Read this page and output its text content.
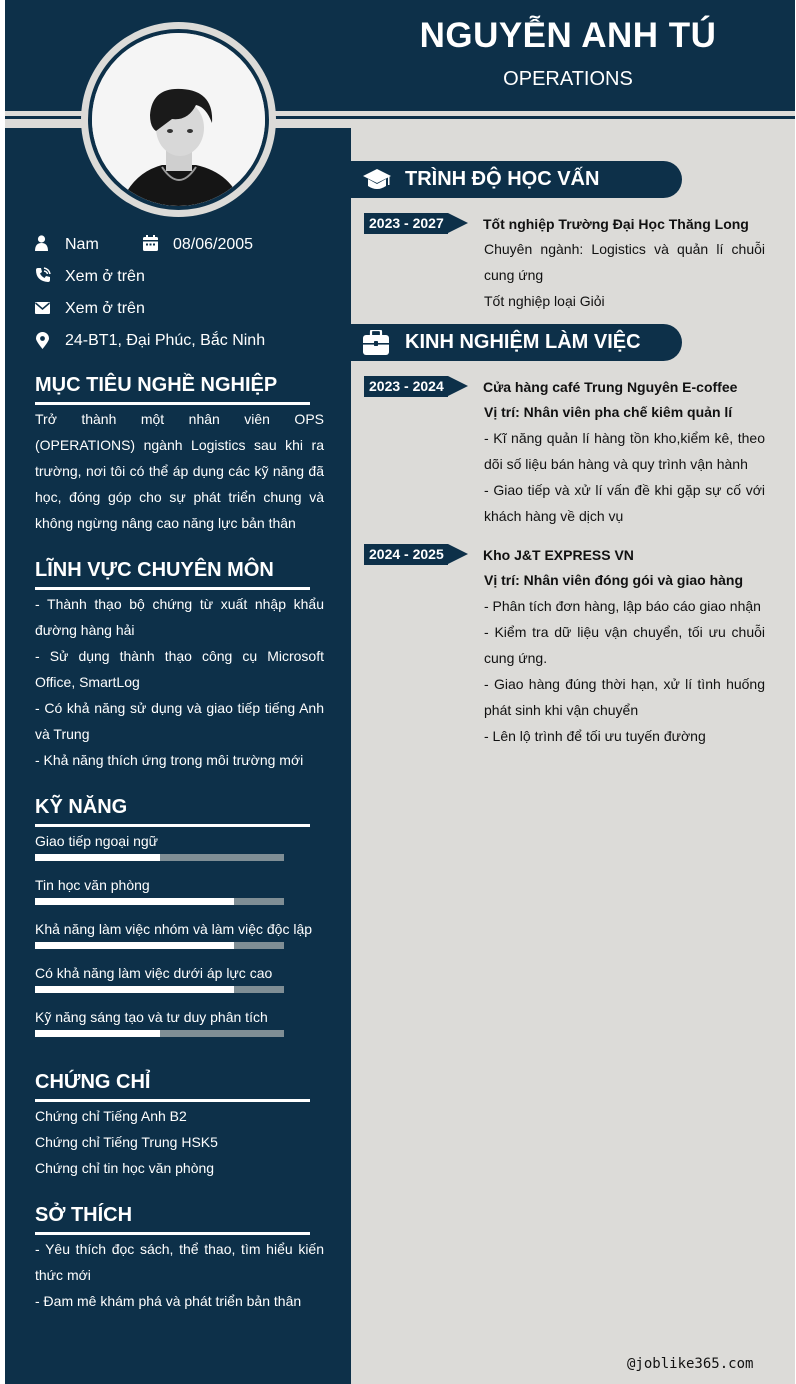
NGUYỄN ANH TÚ
OPERATIONS
Nam	08/06/2005
Xem ở trên
Xem ở trên
24-BT1, Đại Phúc, Bắc Ninh
MỤC TIÊU NGHỀ NGHIỆP

Trở thành một nhân viên OPS (OPERATIONS) ngành Logistics sau khi ra trường, nơi tôi có thể áp dụng các kỹ năng đã học, đóng góp cho sự phát triển chung và không ngừng nâng cao năng lực bản thân

LĨNH VỰC CHUYÊN MÔN

- Thành thạo bộ chứng từ xuất nhập khẩu đường hàng hải

- Sử dụng thành thạo công cụ Microsoft Office, SmartLog

- Có khả năng sử dụng và giao tiếp tiếng Anh và Trung

- Khả năng thích ứng trong môi trường mới

KỸ NĂNG
Giao tiếp ngoại ngữ
Tin học văn phòng
Khả năng làm việc nhóm và làm việc độc lập
Có khả năng làm việc dưới áp lực cao
Kỹ năng sáng tạo và tư duy phân tích
CHỨNG CHỈ
Chứng chỉ Tiếng Anh B2
Chứng chỉ Tiếng Trung HSK5
Chứng chỉ tin học văn phòng
SỞ THÍCH

- Yêu thích đọc sách, thể thao, tìm hiểu kiến thức mới

- Đam mê khám phá và phát triển bản thân

TRÌNH ĐỘ HỌC VẤN
2023 - 2027	Tốt nghiệp Trường Đại Học Thăng Long

Chuyên ngành: Logistics và quản lí chuỗi cung ứng

Tốt nghiệp loại Giỏi

KINH NGHIỆM LÀM VIỆC
2023 - 2024	Cửa hàng café Trung Nguyên E-coffee

Vị trí: Nhân viên pha chế kiêm quản lí

- Kĩ năng quản lí hàng tồn kho,kiểm kê, theo dõi số liệu bán hàng và quy trình vận hành

- Giao tiếp và xử lí vấn đề khi gặp sự cố với khách hàng về dịch vụ

2024 - 2025	Kho J&T EXPRESS VN

Vị trí: Nhân viên đóng gói và giao hàng

- Phân tích đơn hàng, lập báo cáo giao nhận

- Kiểm tra dữ liệu vận chuyển, tối ưu chuỗi cung ứng.

- Giao hàng đúng thời hạn, xử lí tình huống phát sinh khi vận chuyển

- Lên lộ trình để tối ưu tuyến đường

@joblike365.com
